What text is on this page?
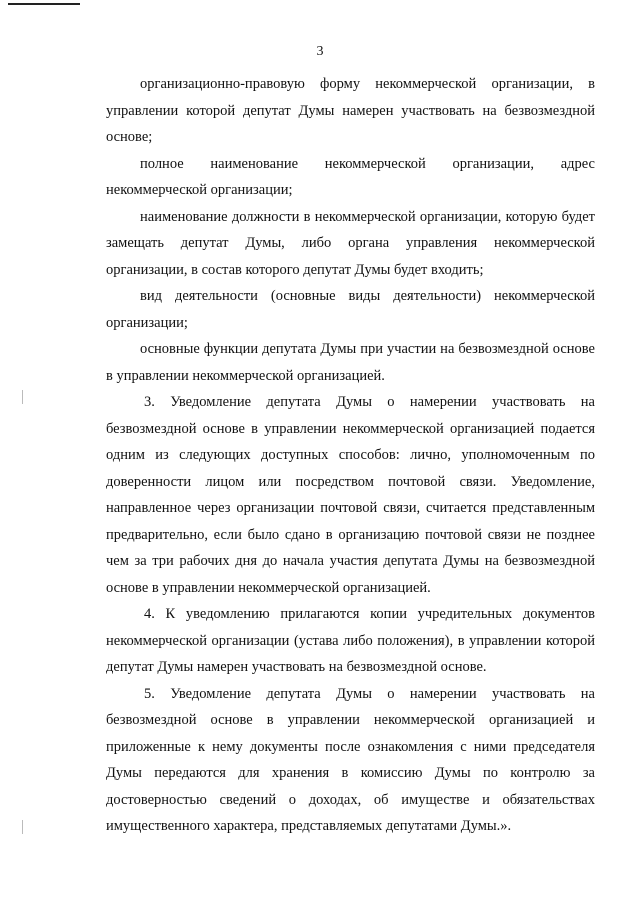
3

организационно-правовую форму некоммерческой организации, в управлении которой депутат Думы намерен участвовать на безвозмездной основе;

полное наименование некоммерческой организации, адрес некоммерческой организации;

наименование должности в некоммерческой организации, которую будет замещать депутат Думы, либо органа управления некоммерческой организации, в состав которого депутат Думы будет входить;

вид деятельности (основные виды деятельности) некоммерческой организации;

основные функции депутата Думы при участии на безвозмездной основе в управлении некоммерческой организацией.

3. Уведомление депутата Думы о намерении участвовать на безвозмездной основе в управлении некоммерческой организацией подается одним из следующих доступных способов: лично, уполномоченным по доверенности лицом или посредством почтовой связи. Уведомление, направленное через организации почтовой связи, считается представленным предварительно, если было сдано в организацию почтовой связи не позднее чем за три рабочих дня до начала участия депутата Думы на безвозмездной основе в управлении некоммерческой организацией.

4. К уведомлению прилагаются копии учредительных документов некоммерческой организации (устава либо положения), в управлении которой депутат Думы намерен участвовать на безвозмездной основе.

5. Уведомление депутата Думы о намерении участвовать на безвозмездной основе в управлении некоммерческой организацией и приложенные к нему документы после ознакомления с ними председателя Думы передаются для хранения в комиссию Думы по контролю за достоверностью сведений о доходах, об имуществе и обязательствах имущественного характера, представляемых депутатами Думы.».
